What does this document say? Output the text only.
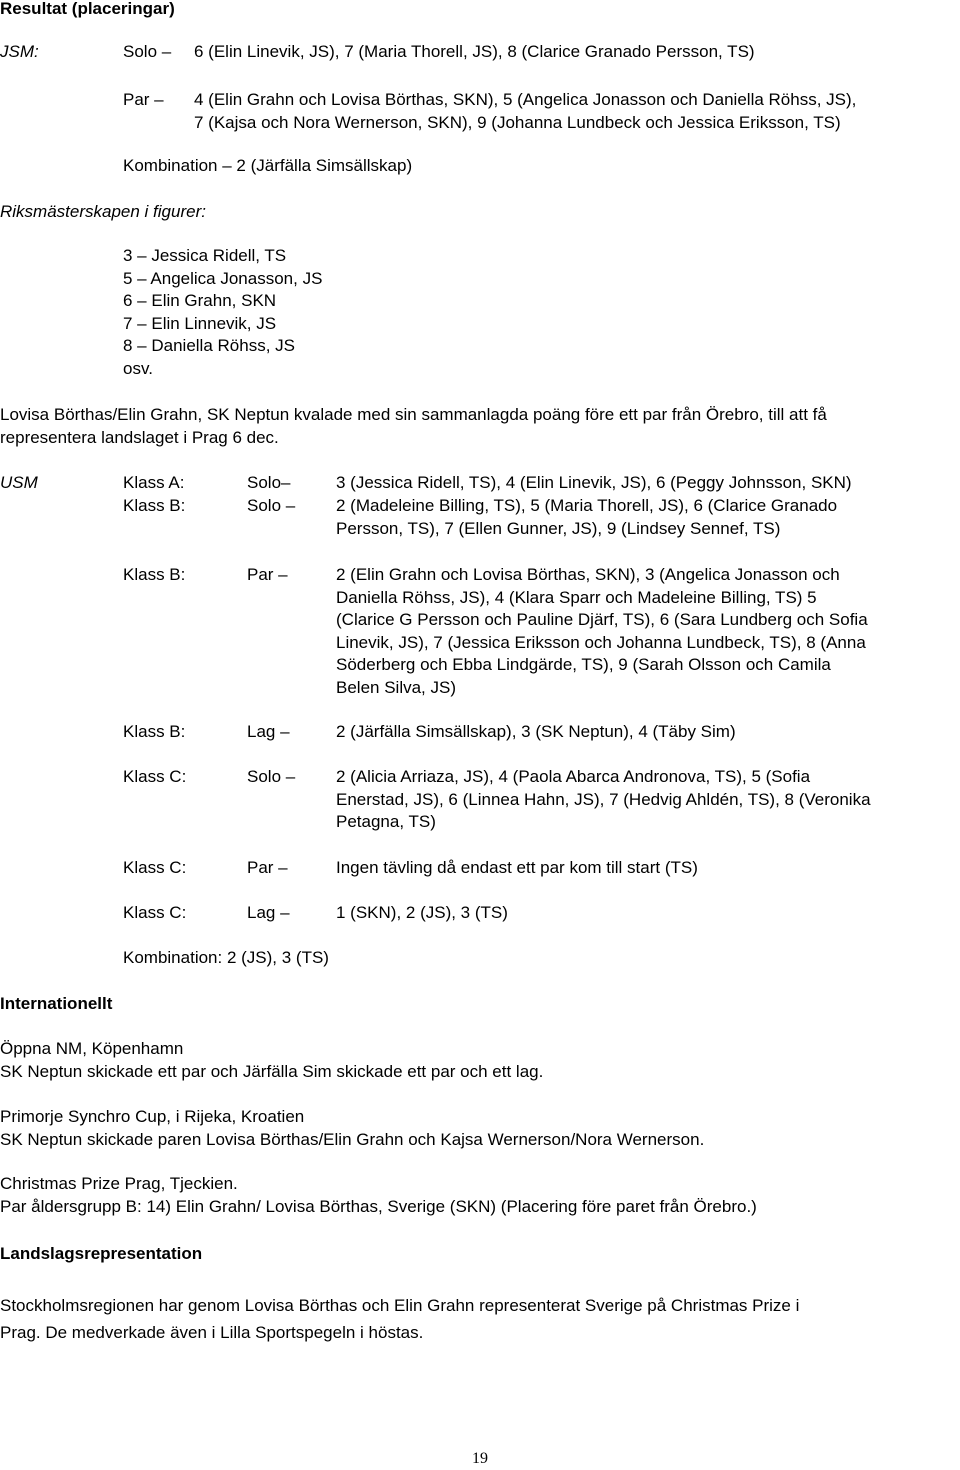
Resultat (placeringar)
JSM:	Solo – 6 (Elin Linevik, JS), 7 (Maria Thorell, JS), 8 (Clarice Granado Persson, TS)
Par – 4 (Elin Grahn och Lovisa Börthas, SKN), 5 (Angelica Jonasson och Daniella Röhss, JS),
7 (Kajsa och Nora Wernerson, SKN), 9 (Johanna Lundbeck och Jessica Eriksson, TS)
Kombination – 2 (Järfälla Simsällskap)
Riksmästerskapen i figurer:
3 – Jessica Ridell, TS
5 – Angelica Jonasson, JS
6 – Elin Grahn, SKN
7 – Elin Linnevik, JS
8 – Daniella Röhss, JS
osv.
Lovisa Börthas/Elin Grahn, SK Neptun kvalade med sin sammanlagda poäng före ett par från Örebro, till att få
representera landslaget i Prag 6 dec.
USM	Klass A:	Solo–	3 (Jessica Ridell, TS), 4 (Elin Linevik, JS), 6 (Peggy Johnsson, SKN)
Klass B:	Solo – 2 (Madeleine Billing, TS), 5 (Maria Thorell, JS), 6 (Clarice Granado
Persson, TS), 7 (Ellen Gunner, JS), 9 (Lindsey Sennef, TS)
Klass B:	Par –	2 (Elin Grahn och Lovisa Börthas, SKN), 3 (Angelica Jonasson och
Daniella Röhss, JS), 4 (Klara Sparr och Madeleine Billing, TS) 5
(Clarice G Persson och Pauline Djärf, TS), 6 (Sara Lundberg och Sofia
Linevik, JS), 7 (Jessica Eriksson och Johanna Lundbeck, TS), 8 (Anna
Söderberg och Ebba Lindgärde, TS), 9 (Sarah Olsson och Camila
Belen Silva, JS)
Klass B:	Lag –	2 (Järfälla Simsällskap), 3 (SK Neptun), 4 (Täby Sim)
Klass C:	Solo – 2 (Alicia Arriaza, JS), 4 (Paola Abarca Andronova, TS), 5 (Sofia
Enerstad, JS), 6 (Linnea Hahn, JS), 7 (Hedvig Ahldén, TS), 8 (Veronika
Petagna, TS)
Klass C:	Par –	Ingen tävling då endast ett par kom till start (TS)
Klass C:	Lag –	1 (SKN), 2 (JS), 3 (TS)
Kombination: 2 (JS), 3 (TS)
Internationellt
Öppna NM, Köpenhamn
SK Neptun skickade ett par och Järfälla Sim skickade ett par och ett lag.
Primorje Synchro Cup, i Rijeka, Kroatien
SK Neptun skickade paren Lovisa Börthas/Elin Grahn och Kajsa Wernerson/Nora Wernerson.
Christmas Prize Prag, Tjeckien.
Par åldersgrupp B: 14) Elin Grahn/ Lovisa Börthas, Sverige (SKN) (Placering före paret från Örebro.)
Landslagsrepresentation
Stockholmsregionen har genom Lovisa Börthas och Elin Grahn representerat Sverige på Christmas Prize i
Prag. De medverkade även i Lilla Sportspegeln i höstas.
19
